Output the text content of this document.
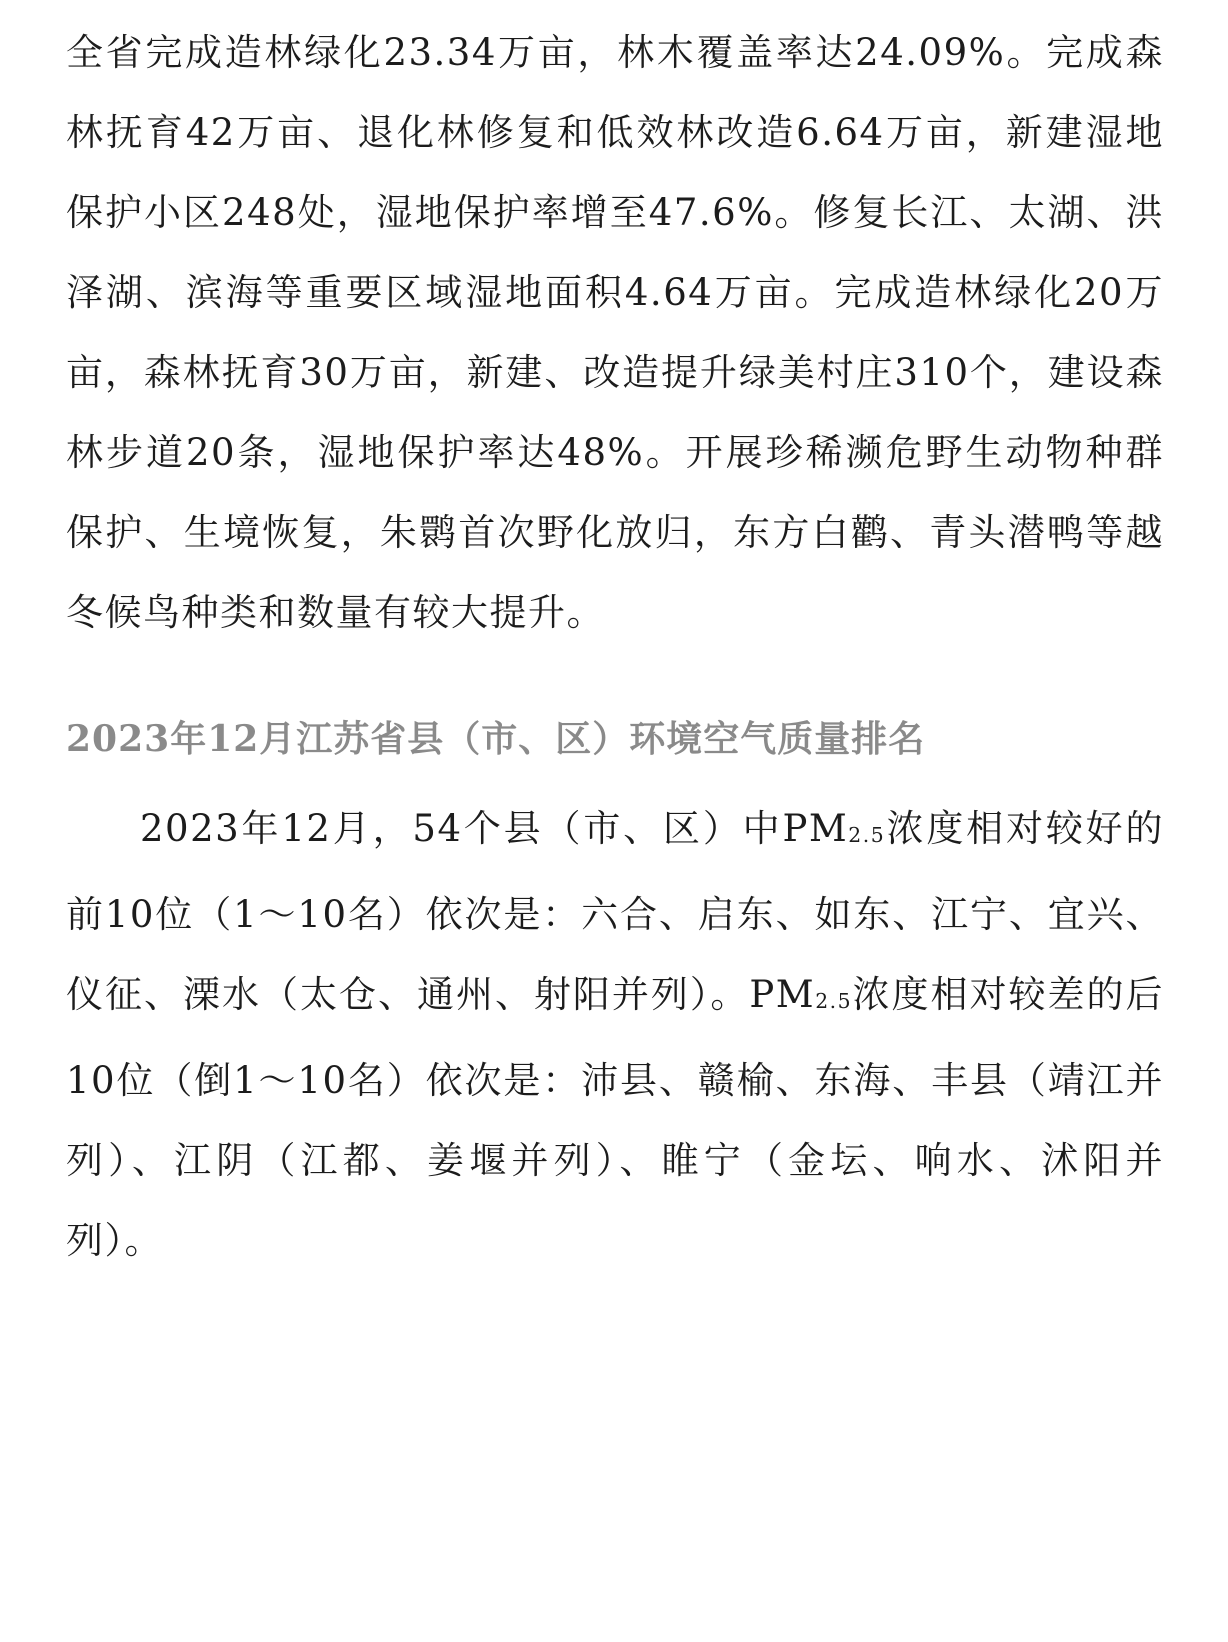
全省完成造林绿化23.34万亩，林木覆盖率达24.09%。完成森林抚育42万亩、退化林修复和低效林改造6.64万亩，新建湿地保护小区248处，湿地保护率增至47.6%。修复长江、太湖、洪泽湖、滨海等重要区域湿地面积4.64万亩。完成造林绿化20万亩，森林抚育30万亩，新建、改造提升绿美村庄310个，建设森林步道20条，湿地保护率达48%。开展珍稀濒危野生动物种群保护、生境恢复，朱鹮首次野化放归，东方白鹳、青头潜鸭等越冬候鸟种类和数量有较大提升。

2023年12月江苏省县（市、区）环境空气质量排名

2023年12月，54个县（市、区）中PM2.5浓度相对较好的前10位（1～10名）依次是：六合、启东、如东、江宁、宜兴、仪征、溧水（太仓、通州、射阳并列）。PM2.5浓度相对较差的后10位（倒1～10名）依次是：沛县、赣榆、东海、丰县（靖江并列）、江阴（江都、姜堰并列）、睢宁（金坛、响水、沭阳并列）。
